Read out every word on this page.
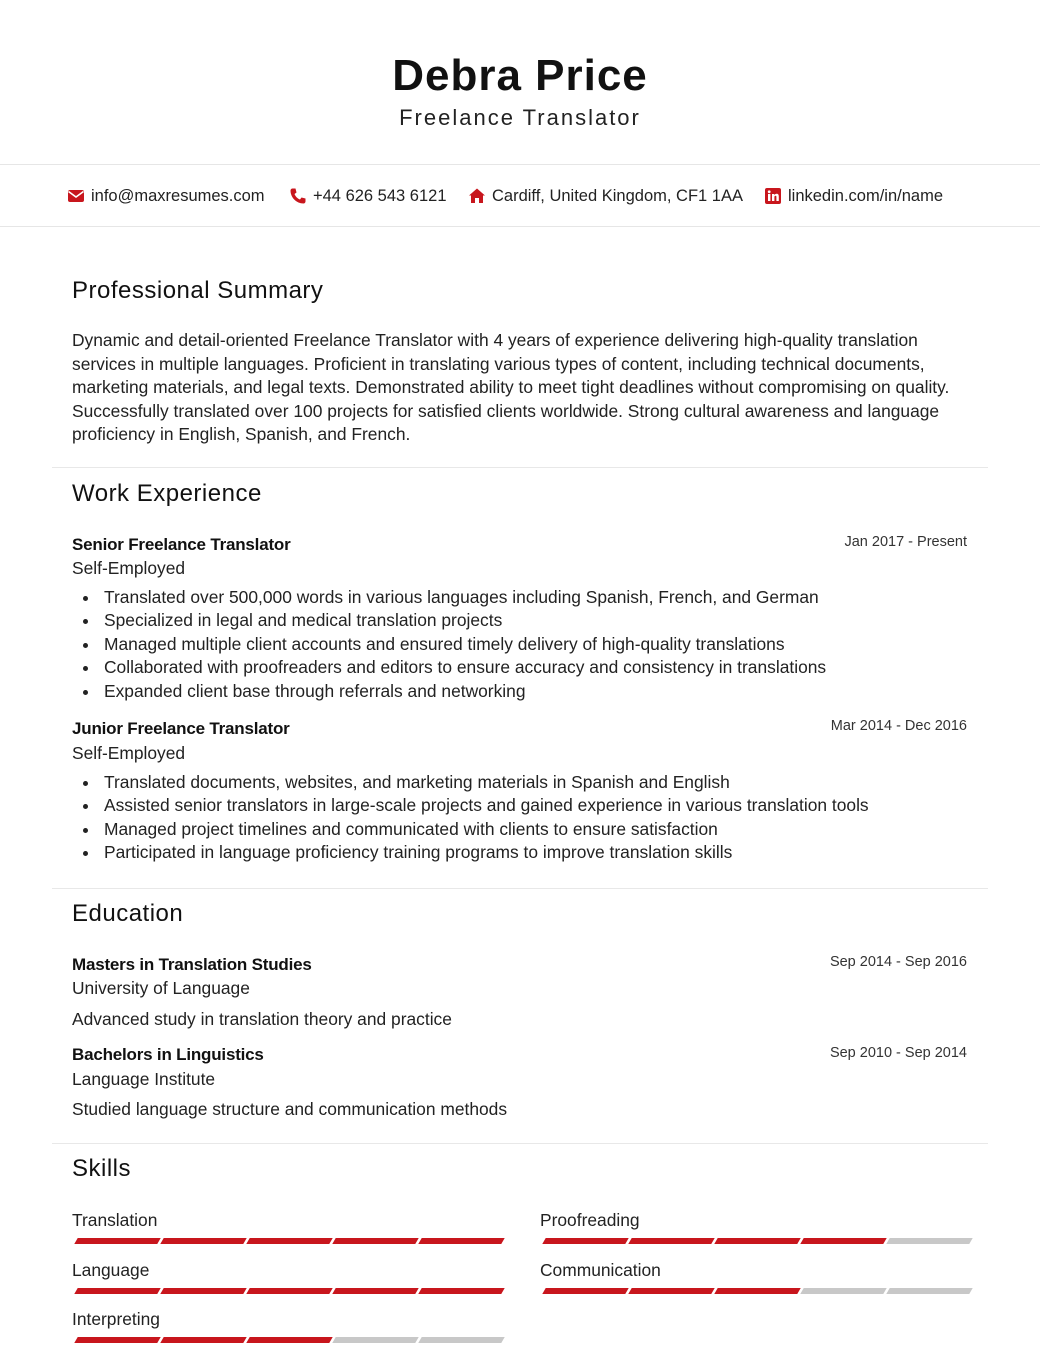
Debra Price
Freelance Translator
info@maxresumes.com	+44 626 543 6121	Cardiff, United Kingdom, CF1 1AA	linkedin.com/in/name
Professional Summary
Dynamic and detail-oriented Freelance Translator with 4 years of experience delivering high-quality translation services in multiple languages. Proficient in translating various types of content, including technical documents, marketing materials, and legal texts. Demonstrated ability to meet tight deadlines without compromising on quality. Successfully translated over 100 projects for satisfied clients worldwide. Strong cultural awareness and language proficiency in English, Spanish, and French.
Work Experience
Senior Freelance Translator	Jan 2017 - Present
Self-Employed
Translated over 500,000 words in various languages including Spanish, French, and German
Specialized in legal and medical translation projects
Managed multiple client accounts and ensured timely delivery of high-quality translations
Collaborated with proofreaders and editors to ensure accuracy and consistency in translations
Expanded client base through referrals and networking
Junior Freelance Translator	Mar 2014 - Dec 2016
Self-Employed
Translated documents, websites, and marketing materials in Spanish and English
Assisted senior translators in large-scale projects and gained experience in various translation tools
Managed project timelines and communicated with clients to ensure satisfaction
Participated in language proficiency training programs to improve translation skills
Education
Masters in Translation Studies	Sep 2014 - Sep 2016
University of Language
Advanced study in translation theory and practice
Bachelors in Linguistics	Sep 2010 - Sep 2014
Language Institute
Studied language structure and communication methods
Skills
Translation	Proofreading
Language	Communication
Interpreting
